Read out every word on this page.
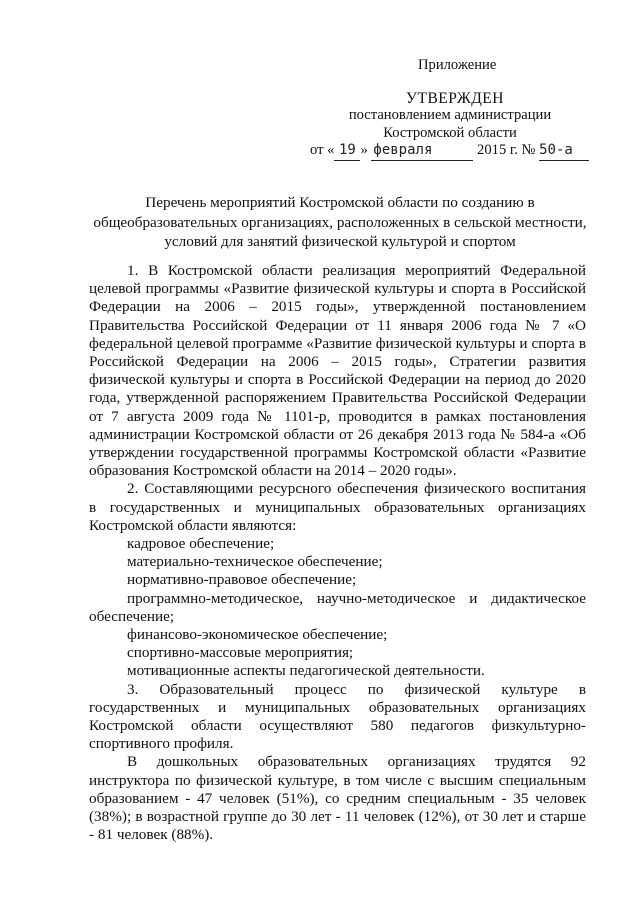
Приложение
УТВЕРЖДЕН
постановлением администрации
Костромской области
от « 19 » февраля	2015 г. № 50-а
Перечень мероприятий Костромской области по созданию в
общеобразовательных организациях, расположенных в сельской местности,
условий для занятий физической культурой и спортом

1. В Костромской области реализация мероприятий Федеральной целевой программы «Развитие физической культуры и спорта в Российской Федерации на 2006 – 2015 годы», утвержденной постановлением Правительства Российской Федерации от 11 января 2006 года № 7 «О федеральной целевой программе «Развитие физической культуры и спорта в Российской Федерации на 2006 – 2015 годы», Стратегии развития физической культуры и спорта в Российской Федерации на период до 2020 года, утвержденной распоряжением Правительства Российской Федерации от 7 августа 2009 года № 1101-р, проводится в рамках постановления администрации Костромской области от 26 декабря 2013 года № 584-а «Об утверждении государственной программы Костромской области «Развитие образования Костромской области на 2014 – 2020 годы».

2. Составляющими ресурсного обеспечения физического воспитания в государственных и муниципальных образовательных организациях Костромской области являются:

кадровое обеспечение;

материально-техническое обеспечение;

нормативно-правовое обеспечение;

программно-методическое, научно-методическое и дидактическое обеспечение;

финансово-экономическое обеспечение;

спортивно-массовые мероприятия;

мотивационные аспекты педагогической деятельности.

3. Образовательный процесс по физической культуре в государственных и муниципальных образовательных организациях Костромской области осуществляют 580 педагогов физкультурно-спортивного профиля.

В дошкольных образовательных организациях трудятся 92 инструктора по физической культуре, в том числе с высшим специальным образованием - 47 человек (51%), со средним специальным - 35 человек (38%); в возрастной группе до 30 лет - 11 человек (12%), от 30 лет и старше - 81 человек (88%).
